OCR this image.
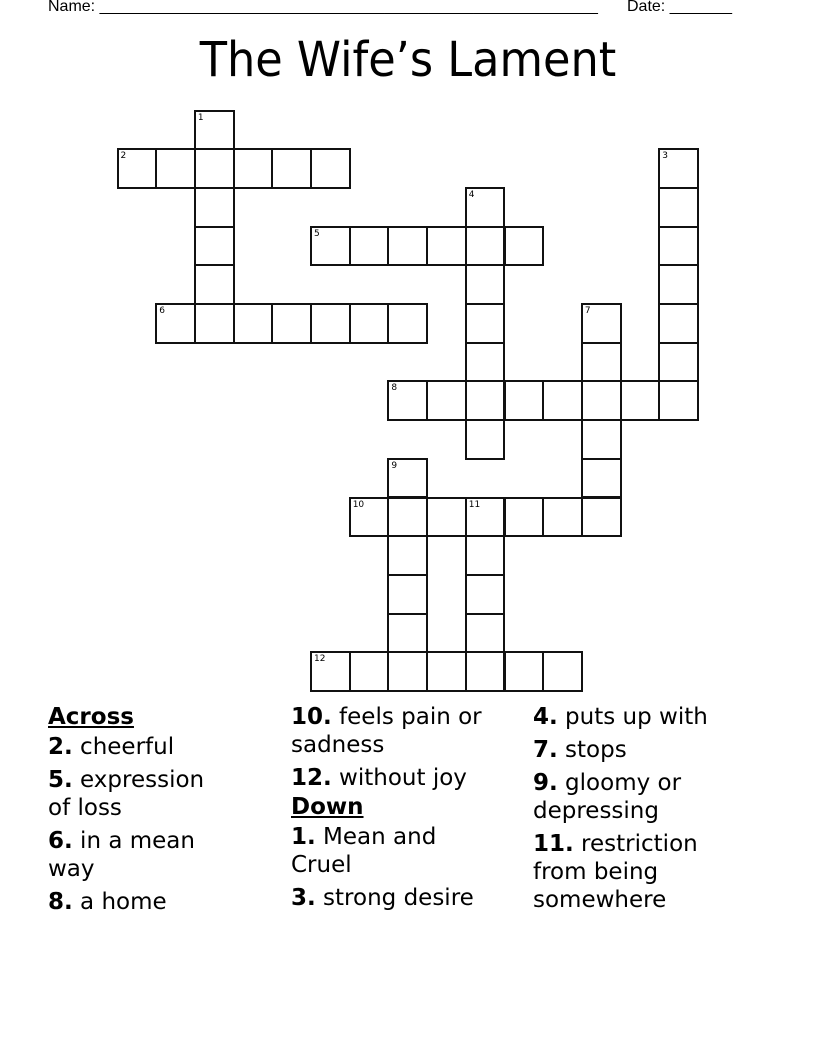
Name: ________________________________________________________ Date: _______
The Wife’s Lament
1
2	3
4
5
6	7
8
9
10	11
12
Across
2. cheerful
5. expression of loss
6. in a mean way
8. a home
10. feels pain or sadness
12. without joy
Down
1. Mean and Cruel
3. strong desire
4. puts up with
7. stops
9. gloomy or depressing
11. restriction from being somewhere
